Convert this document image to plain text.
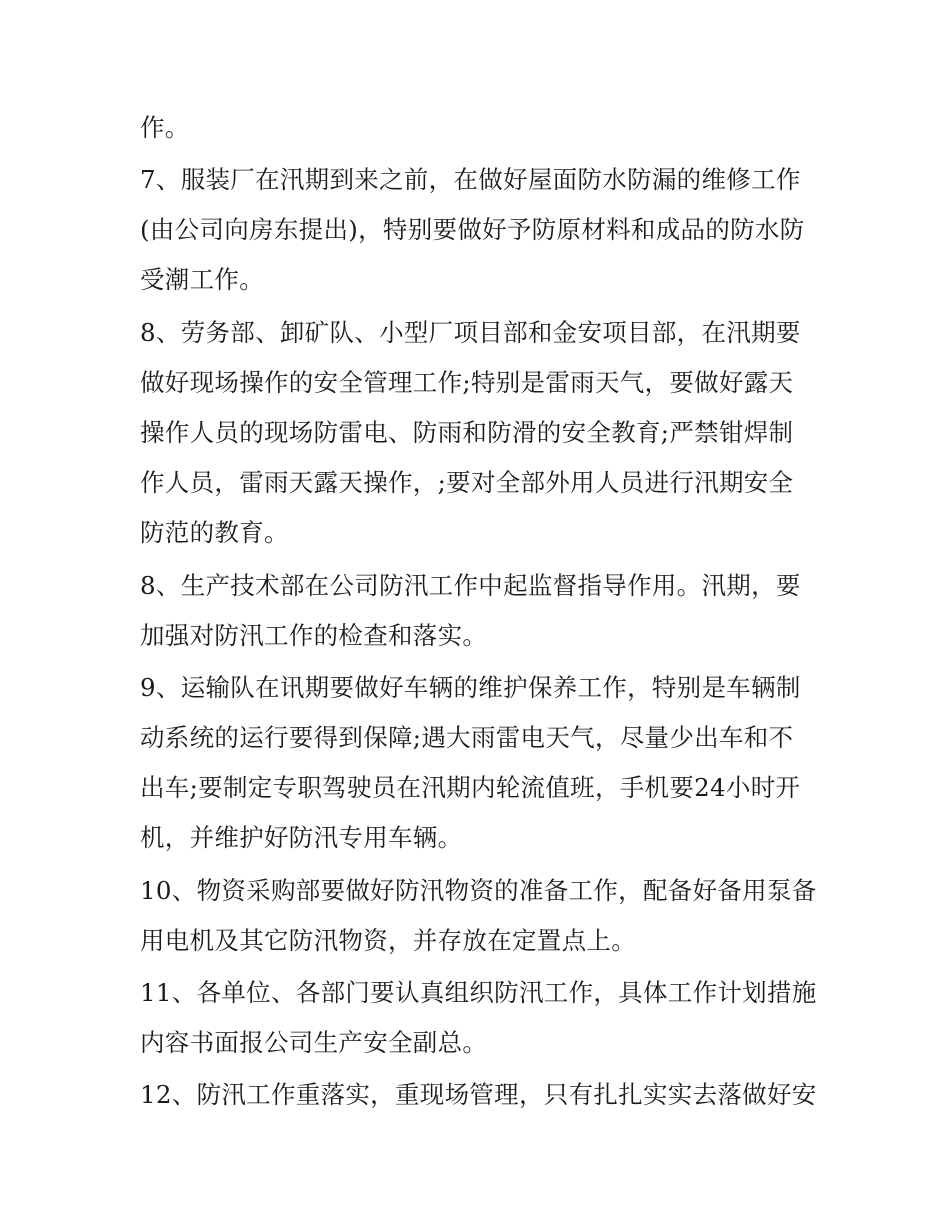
作。
7、服装厂在汛期到来之前，在做好屋面防水防漏的维修工作
(由公司向房东提出)，特别要做好予防原材料和成品的防水防
受潮工作。
8、劳务部、卸矿队、小型厂项目部和金安项目部，在汛期要
做好现场操作的安全管理工作;特别是雷雨天气，要做好露天
操作人员的现场防雷电、防雨和防滑的安全教育;严禁钳焊制
作人员，雷雨天露天操作，;要对全部外用人员进行汛期安全
防范的教育。
8、生产技术部在公司防汛工作中起监督指导作用。汛期，要
加强对防汛工作的检查和落实。
9、运输队在讯期要做好车辆的维护保养工作，特别是车辆制
动系统的运行要得到保障;遇大雨雷电天气，尽量少出车和不
出车;要制定专职驾驶员在汛期内轮流值班，手机要24小时开
机，并维护好防汛专用车辆。
10、物资采购部要做好防汛物资的准备工作，配备好备用泵备
用电机及其它防汛物资，并存放在定置点上。
11、各单位、各部门要认真组织防汛工作，具体工作计划措施
内容书面报公司生产安全副总。
12、防汛工作重落实，重现场管理，只有扎扎实实去落做好安
